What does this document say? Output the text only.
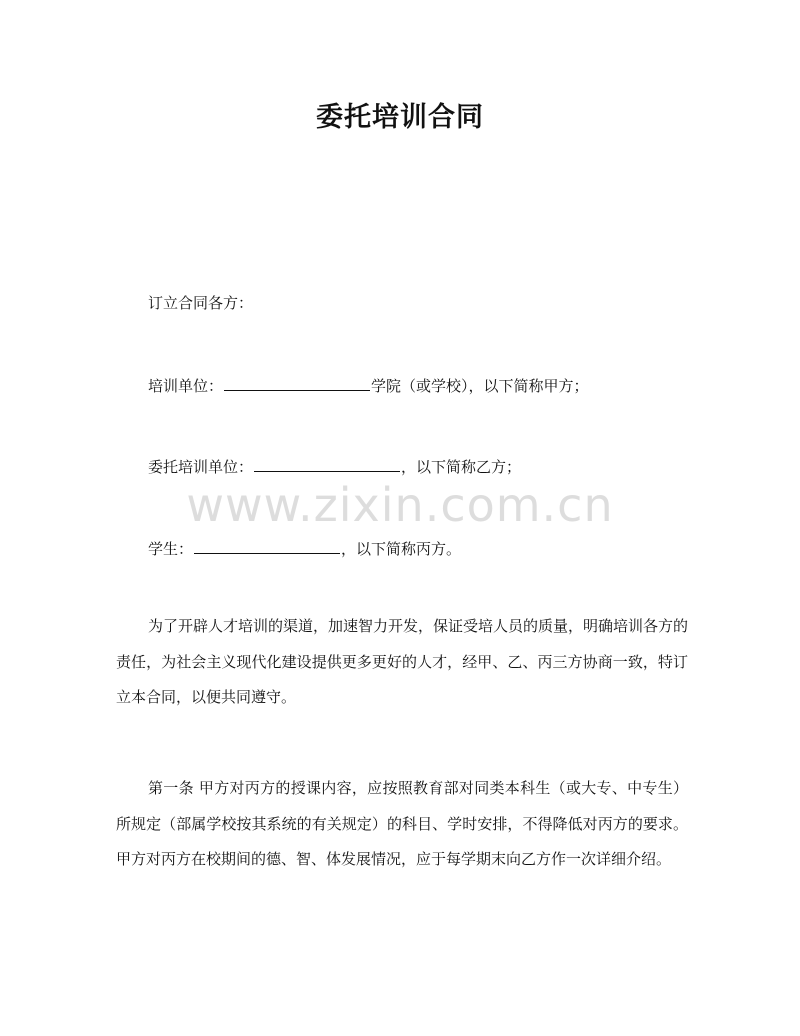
委托培训合同
订立合同各方：
培训单位：	学院（或学校），以下简称甲方；
委托培训单位：	，以下简称乙方；
www.zixin.com.cn
学生：	，以下简称丙方。
为了开辟人才培训的渠道，加速智力开发，保证受培人员的质量，明确培训各方的责任，为社会主义现代化建设提供更多更好的人才，经甲、乙、丙三方协商一致，特订立本合同，以便共同遵守。
第一条 甲方对丙方的授课内容，应按照教育部对同类本科生（或大专、中专生）所规定（部属学校按其系统的有关规定）的科目、学时安排，不得降低对丙方的要求。甲方对丙方在校期间的德、智、体发展情况，应于每学期末向乙方作一次详细介绍。
